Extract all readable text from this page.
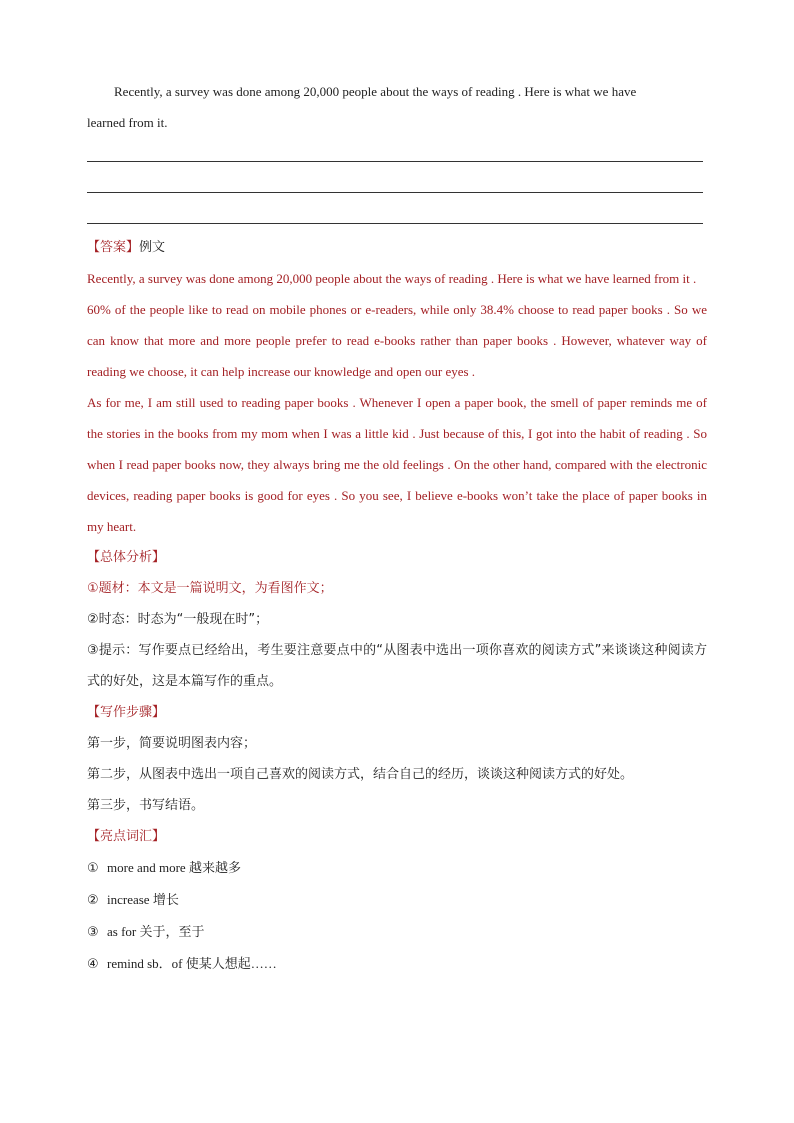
Recently, a survey was done among 20,000 people about the ways of reading . Here is what we have
learned from it.

【答案】例文

Recently, a survey was done among 20,000 people about the ways of reading . Here is what we have learned from it .

60% of the people like to read on mobile phones or e-readers, while only 38.4% choose to read paper books . So we can know that more and more people prefer to read e-books rather than paper books . However, whatever way of reading we choose, it can help increase our knowledge and open our eyes .

As for me, I am still used to reading paper books . Whenever I open a paper book, the smell of paper reminds me of the stories in the books from my mom when I was a little kid . Just because of this, I got into the habit of reading . So when I read paper books now, they always bring me the old feelings . On the other hand, compared with the electronic devices, reading paper books is good for eyes . So you see, I believe e-books won’t take the place of paper books in my heart.

【总体分析】

①题材：本文是一篇说明文，为看图作文；

②时态：时态为“一般现在时”；

③提示：写作要点已经给出，考生要注意要点中的“从图表中选出一项你喜欢的阅读方式”来谈谈这种阅读方式的好处，这是本篇写作的重点。

【写作步骤】

第一步，简要说明图表内容；

第二步，从图表中选出一项自己喜欢的阅读方式，结合自己的经历，谈谈这种阅读方式的好处。

第三步，书写结语。

【亮点词汇】

① more and more 越来越多

② increase 增长

③ as for 关于，至于

④ remind sb．of 使某人想起……
